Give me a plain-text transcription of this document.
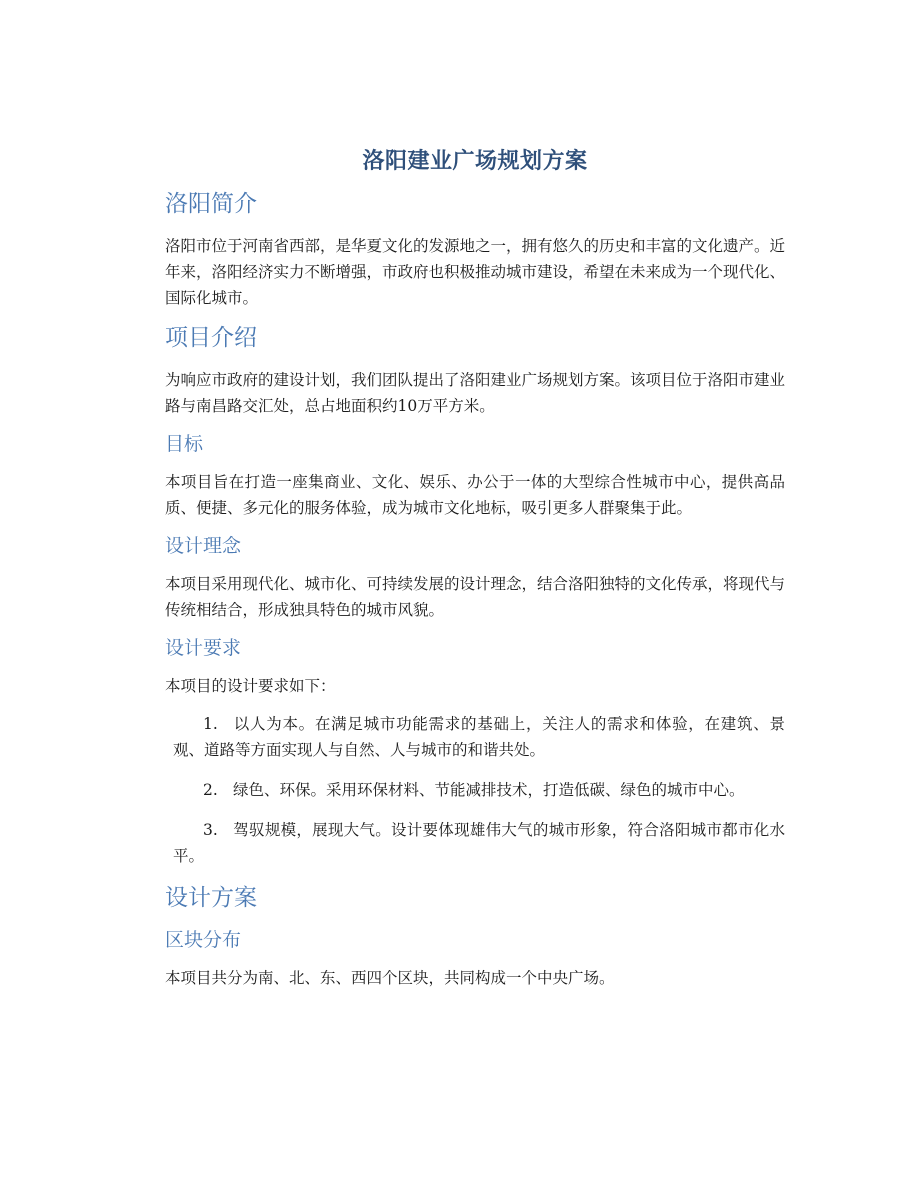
洛阳建业广场规划方案
洛阳简介

洛阳市位于河南省西部，是华夏文化的发源地之一，拥有悠久的历史和丰富的文化遗产。近年来，洛阳经济实力不断增强，市政府也积极推动城市建设，希望在未来成为一个现代化、国际化城市。

项目介绍

为响应市政府的建设计划，我们团队提出了洛阳建业广场规划方案。该项目位于洛阳市建业路与南昌路交汇处，总占地面积约10万平方米。

目标

本项目旨在打造一座集商业、文化、娱乐、办公于一体的大型综合性城市中心，提供高品质、便捷、多元化的服务体验，成为城市文化地标，吸引更多人群聚集于此。

设计理念

本项目采用现代化、城市化、可持续发展的设计理念，结合洛阳独特的文化传承，将现代与传统相结合，形成独具特色的城市风貌。

设计要求

本项目的设计要求如下：

1. 以人为本。在满足城市功能需求的基础上，关注人的需求和体验，在建筑、景观、道路等方面实现人与自然、人与城市的和谐共处。
2. 绿色、环保。采用环保材料、节能减排技术，打造低碳、绿色的城市中心。
3. 驾驭规模，展现大气。设计要体现雄伟大气的城市形象，符合洛阳城市都市化水平。
设计方案
区块分布

本项目共分为南、北、东、西四个区块，共同构成一个中央广场。
